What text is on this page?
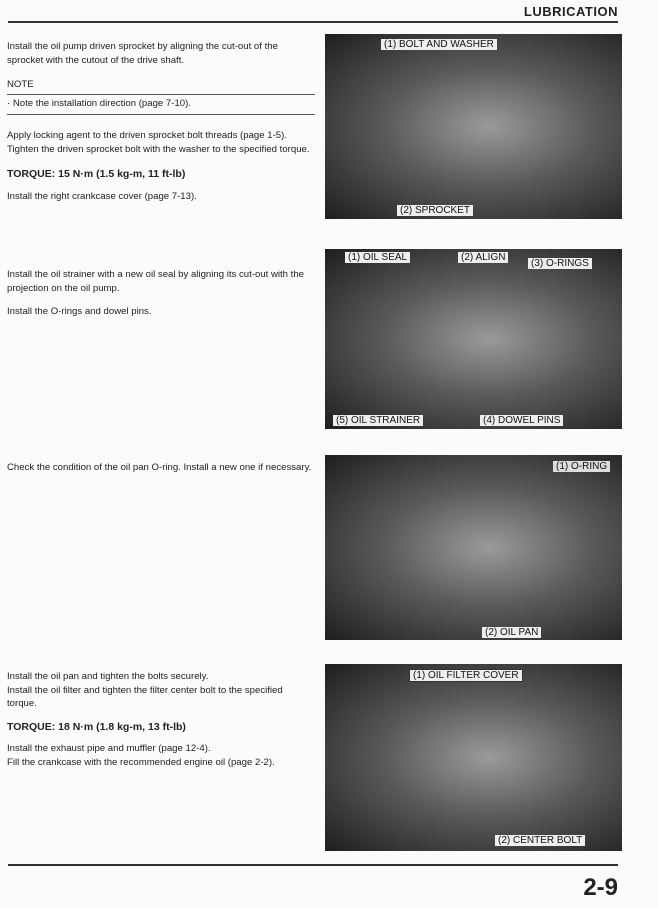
LUBRICATION

Install the oil pump driven sprocket by aligning the cut-out of the sprocket with the cutout of the drive shaft.

NOTE

· Note the installation direction (page 7-10).

Apply locking agent to the driven sprocket bolt threads (page 1-5).

Tighten the driven sprocket bolt with the washer to the specified torque.

TORQUE: 15 N·m (1.5 kg-m, 11 ft-lb)

Install the right crankcase cover (page 7-13).

Install the oil strainer with a new oil seal by aligning its cut-out with the projection on the oil pump.

Install the O-rings and dowel pins.

Check the condition of the oil pan O-ring. Install a new one if necessary.

Install the oil pan and tighten the bolts securely.

Install the oil filter and tighten the filter center bolt to the specified torque.

TORQUE: 18 N·m (1.8 kg-m, 13 ft-lb)

Install the exhaust pipe and muffler (page 12-4).

Fill the crankcase with the recommended engine oil (page 2-2).

(1) BOLT AND WASHER
(2) SPROCKET
(1) OIL SEAL	(2) ALIGN
(3) O-RINGS
(5) OIL STRAINER	(4) DOWEL PINS
(1) O-RING
(2) OIL PAN
(1) OIL FILTER COVER
(2) CENTER BOLT
2-9
